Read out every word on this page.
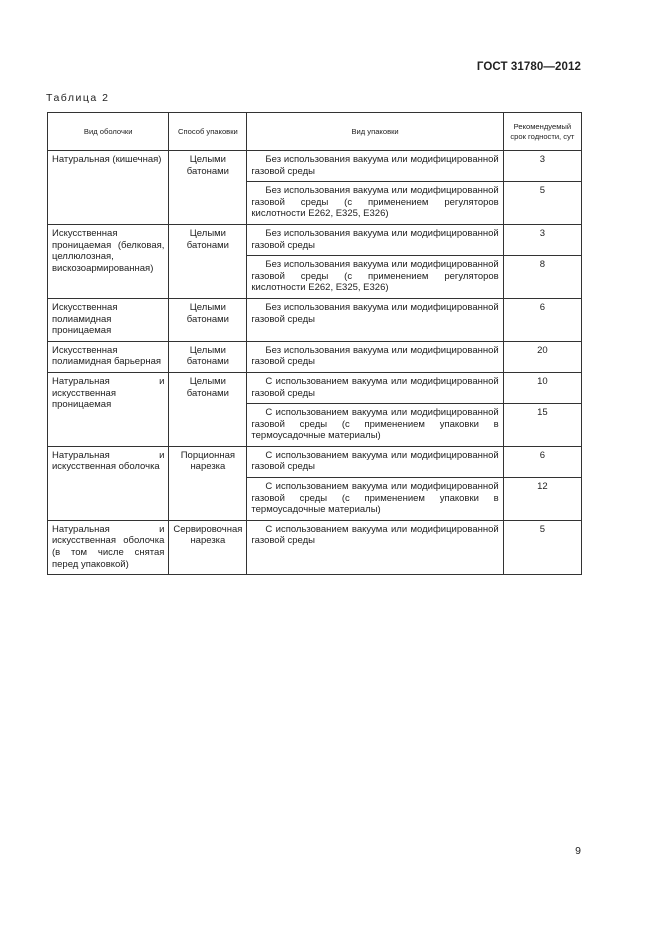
ГОСТ 31780—2012
Таблица 2
Вид оболочки	Способ упаковки	Вид упаковки	Рекомендуемый срок годности, сут
Натуральная (кишечная)	Целыми батонами	Без использования вакуума или модифицированной газовой среды	3
		Без использования вакуума или модифицированной газовой среды (с применением регуляторов кислотности Е262, Е325, Е326)	5
Искусственная проницаемая (белковая, целлюлозная, вискозоармированная)	Целыми батонами	Без использования вакуума или модифицированной газовой среды	3
		Без использования вакуума или модифицированной газовой среды (с применением регуляторов кислотности Е262, Е325, Е326)	8
Искусственная полиамидная проницаемая	Целыми батонами	Без использования вакуума или модифицированной газовой среды	6
Искусственная полиамидная барьерная	Целыми батонами	Без использования вакуума или модифицированной газовой среды	20
Натуральная и искусственная проницаемая	Целыми батонами	С использованием вакуума или модифицированной газовой среды	10
		С использованием вакуума или модифицированной газовой среды (с применением упаковки в термоусадочные материалы)	15
Натуральная и искусственная оболочка	Порционная нарезка	С использованием вакуума или модифицированной газовой среды	6
		С использованием вакуума или модифицированной газовой среды (с применением упаковки в термоусадочные материалы)	12
Натуральная и искусственная оболочка (в том числе снятая перед упаковкой)	Сервировочная нарезка	С использованием вакуума или модифицированной газовой среды	5
9
